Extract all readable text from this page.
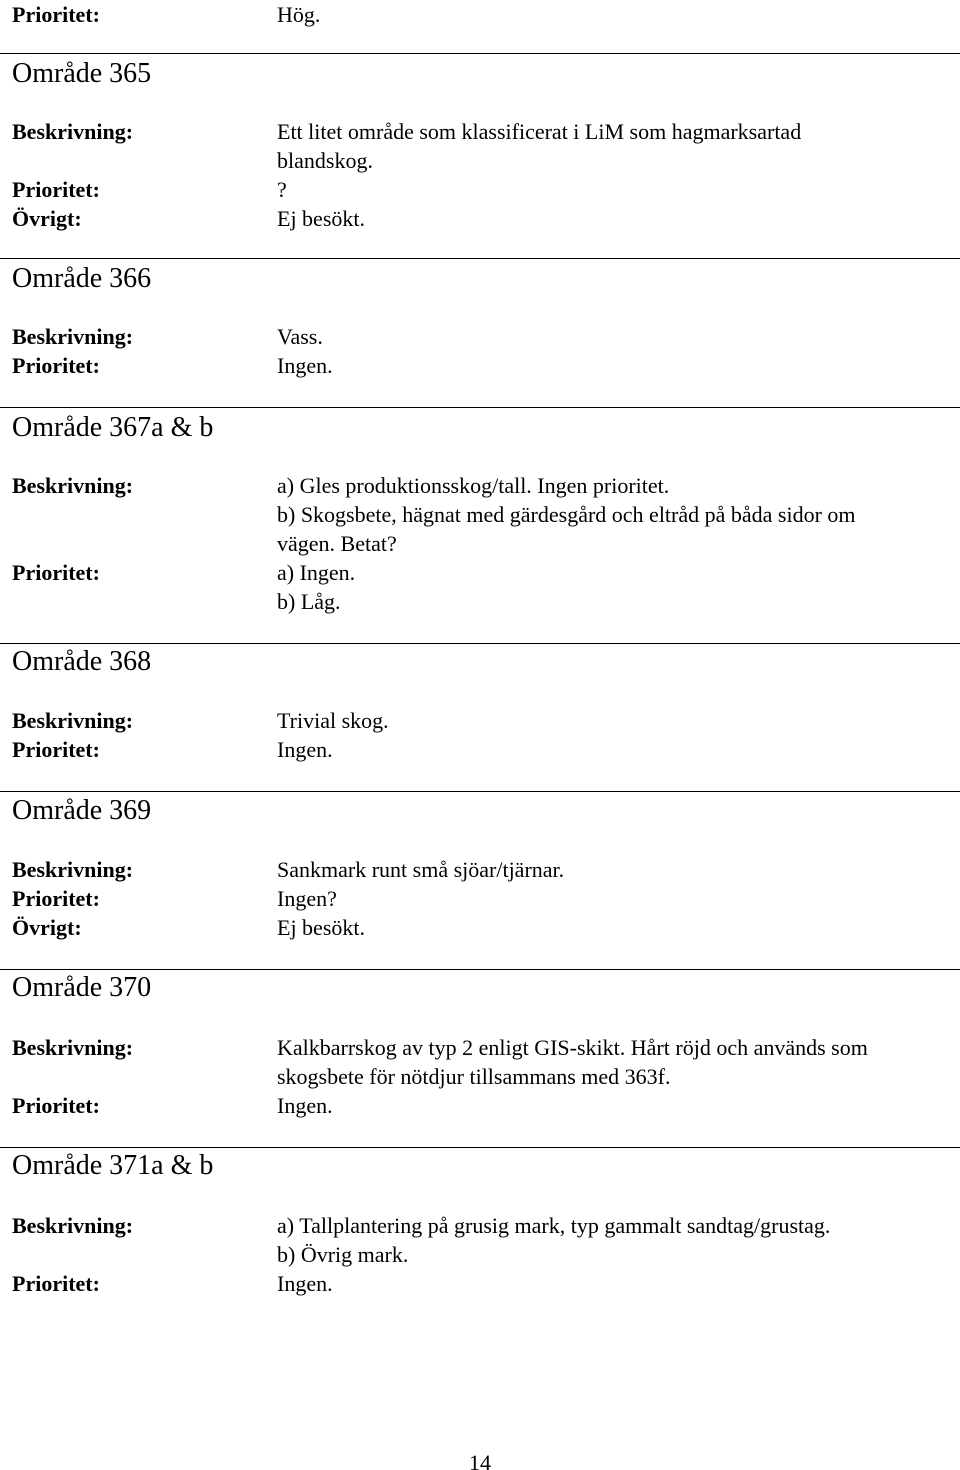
Prioritet:	Hög.
Område 365
Beskrivning:	Ett litet område som klassificerat i LiM som hagmarksartad
blandskog.
Prioritet:	?
Övrigt:	Ej besökt.
Område 366
Beskrivning:	Vass.
Prioritet:	Ingen.
Område 367a & b
Beskrivning:	a) Gles produktionsskog/tall. Ingen prioritet.
b) Skogsbete, hägnat med gärdesgård och eltråd på båda sidor om
vägen. Betat?
Prioritet:	a) Ingen.
b) Låg.
Område 368
Beskrivning:	Trivial skog.
Prioritet:	Ingen.
Område 369
Beskrivning:	Sankmark runt små sjöar/tjärnar.
Prioritet:	Ingen?
Övrigt:	Ej besökt.
Område 370
Beskrivning:	Kalkbarrskog av typ 2 enligt GIS-skikt. Hårt röjd och används som
skogsbete för nötdjur tillsammans med 363f.
Prioritet:	Ingen.
Område 371a & b
Beskrivning:	a) Tallplantering på grusig mark, typ gammalt sandtag/grustag.
b) Övrig mark.
Prioritet:	Ingen.
14
